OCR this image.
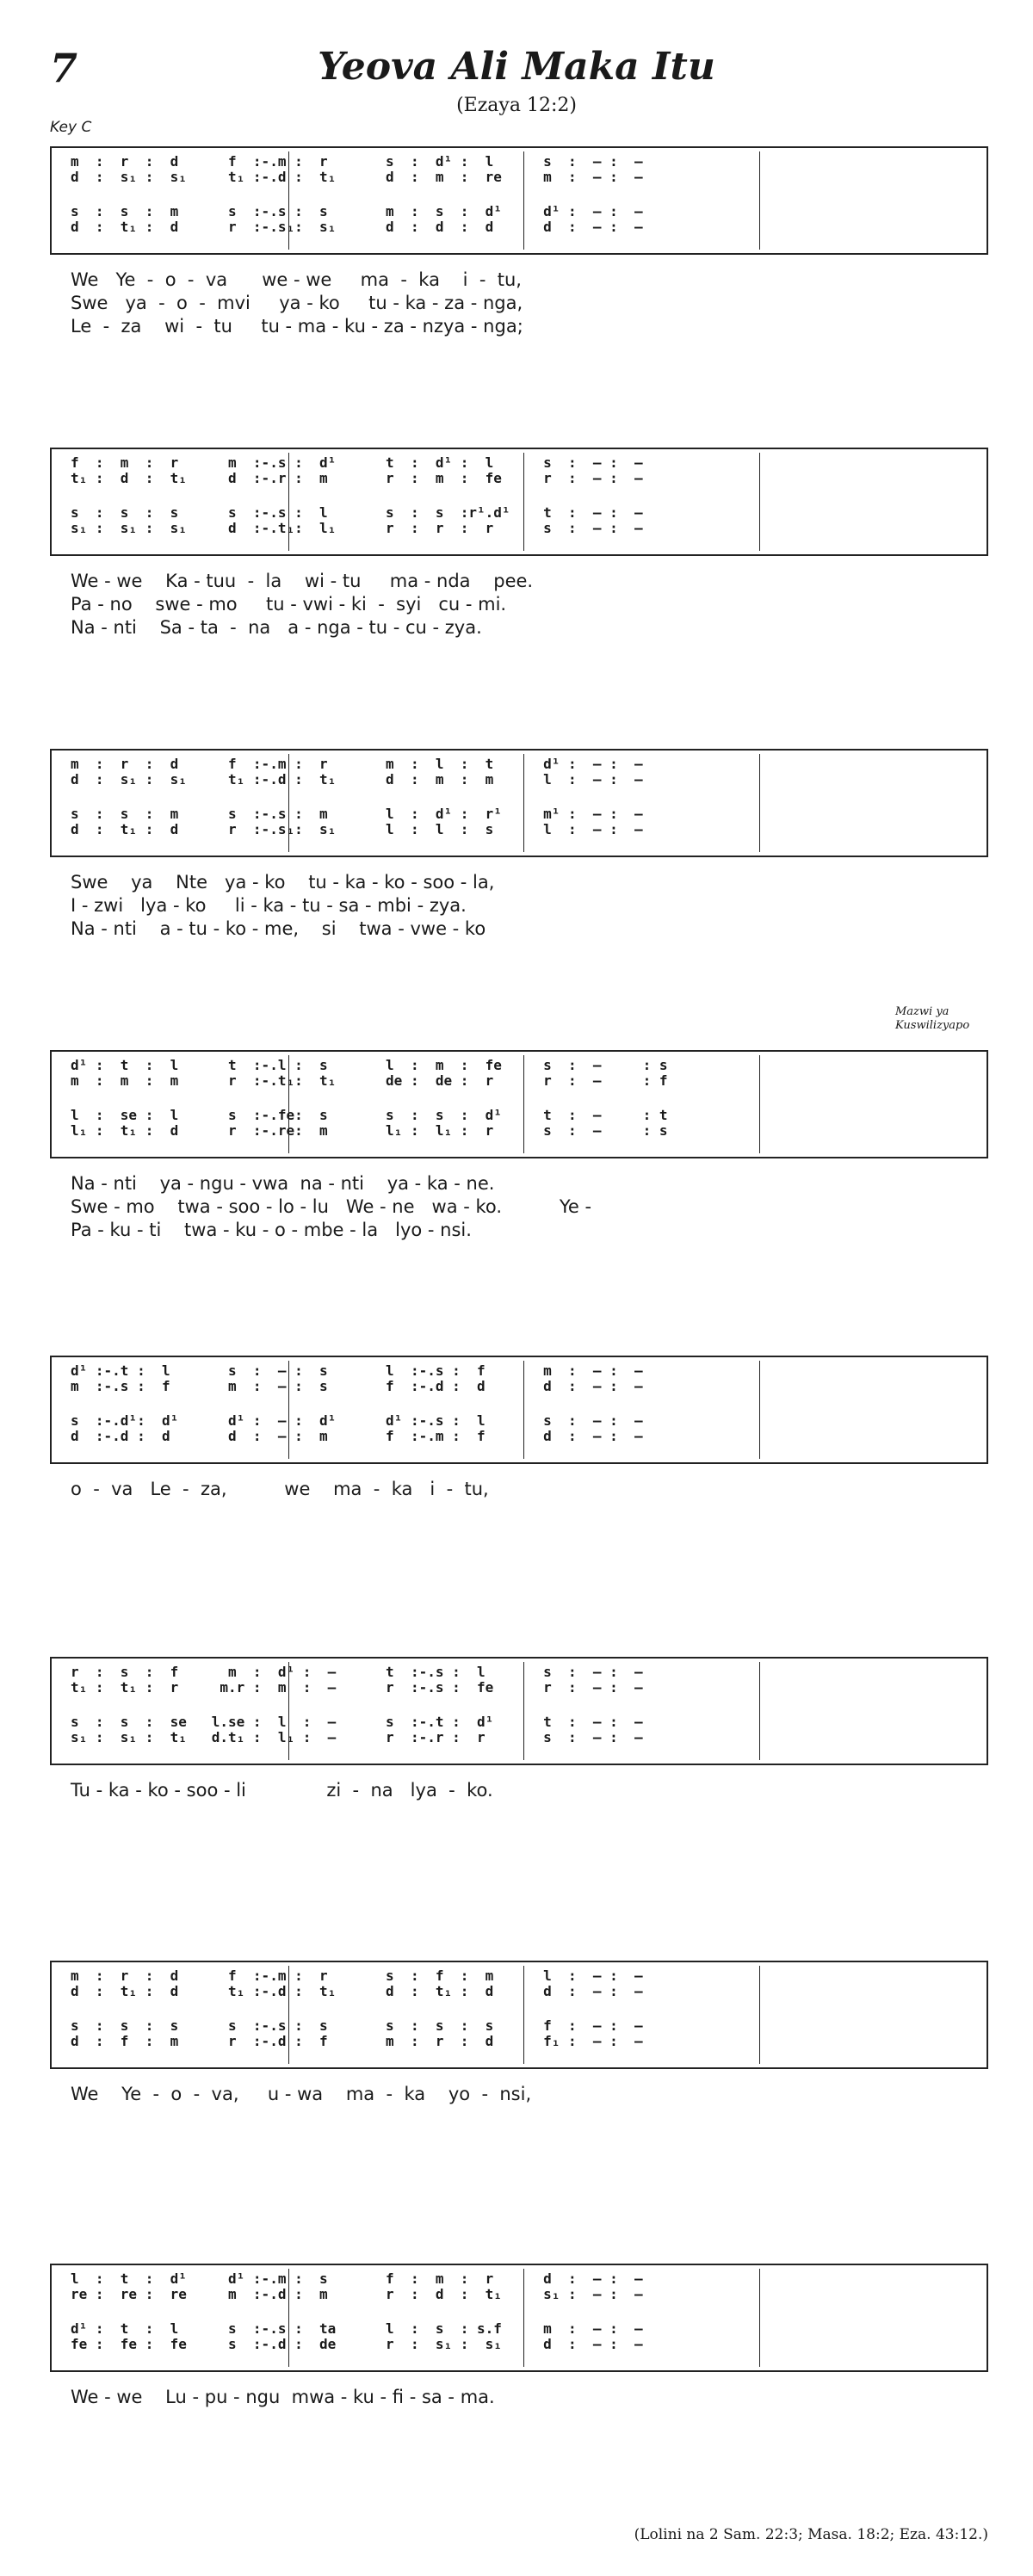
7	Yeova Ali Maka Itu
(Ezaya 12:2)
Key C
Mazwi ya Kuswilizyapo
m  :  r  :  d      f  :-.m :  r       s  :  d¹ :  l      s  :  — :  —
d  :  s₁ :  s₁     t₁ :-.d :  t₁      d  :  m  :  re     m  :  — :  —
s  :  s  :  m      s  :-.s :  s       m  :  s  :  d¹     d¹ :  — :  —
d  :  t₁ :  d      r  :-.s₁:  s₁      d  :  d  :  d      d  :  — :  —
We   Ye  -  o  -  va      we - we     ma  -  ka    i  -  tu,
Swe   ya  -  o  -  mvi     ya - ko     tu - ka - za - nga,
Le  -  za    wi  -  tu     tu - ma - ku - za - nzya - nga;
f  :  m  :  r      m  :-.s :  d¹      t  :  d¹ :  l      s  :  — :  —
t₁ :  d  :  t₁     d  :-.r :  m       r  :  m  :  fe     r  :  — :  —
s  :  s  :  s      s  :-.s :  l       s  :  s  :r¹.d¹    t  :  — :  —
s₁ :  s₁ :  s₁     d  :-.t₁:  l₁      r  :  r  :  r      s  :  — :  —
We - we    Ka - tuu  -  la    wi - tu     ma - nda    pee.
Pa - no    swe - mo     tu - vwi - ki  -  syi   cu - mi.
Na - nti    Sa - ta  -  na   a - nga - tu - cu - zya.
m  :  r  :  d      f  :-.m :  r       m  :  l  :  t      d¹ :  — :  —
d  :  s₁ :  s₁     t₁ :-.d :  t₁      d  :  m  :  m      l  :  — :  —
s  :  s  :  m      s  :-.s :  m       l  :  d¹ :  r¹     m¹ :  — :  —
d  :  t₁ :  d      r  :-.s₁:  s₁      l  :  l  :  s      l  :  — :  —
Swe    ya    Nte   ya - ko    tu - ka - ko - soo - la,
I - zwi   lya - ko     li - ka - tu - sa - mbi - zya.
Na - nti    a - tu - ko - me,    si    twa - vwe - ko
d¹ :  t  :  l      t  :-.l :  s       l  :  m  :  fe     s  :  —     : s
m  :  m  :  m      r  :-.t₁:  t₁      de :  de :  r      r  :  —     : f
l  :  se :  l      s  :-.fe:  s       s  :  s  :  d¹     t  :  —     : t
l₁ :  t₁ :  d      r  :-.re:  m       l₁ :  l₁ :  r      s  :  —     : s
Na - nti    ya - ngu - vwa  na - nti    ya - ka - ne.
Swe - mo    twa - soo - lo - lu   We - ne   wa - ko.          Ye -
Pa - ku - ti    twa - ku - o - mbe - la   lyo - nsi.
d¹ :-.t :  l       s  :  — :  s       l  :-.s :  f       m  :  — :  —
m  :-.s :  f       m  :  — :  s       f  :-.d :  d       d  :  — :  —
s  :-.d¹:  d¹      d¹ :  — :  d¹      d¹ :-.s :  l       s  :  — :  —
d  :-.d :  d       d  :  — :  m       f  :-.m :  f       d  :  — :  —
o  -  va   Le  -  za,          we    ma  -  ka   i  -  tu,
r  :  s  :  f      m  :  d¹ :  —      t  :-.s :  l       s  :  — :  —
t₁ :  t₁ :  r     m.r :  m  :  —      r  :-.s :  fe      r  :  — :  —
s  :  s  :  se   l.se :  l  :  —      s  :-.t :  d¹      t  :  — :  —
s₁ :  s₁ :  t₁   d.t₁ :  l₁ :  —      r  :-.r :  r       s  :  — :  —
Tu - ka - ko - soo - li              zi  -  na   lya  -  ko.
m  :  r  :  d      f  :-.m :  r       s  :  f  :  m      l  :  — :  —
d  :  t₁ :  d      t₁ :-.d :  t₁      d  :  t₁ :  d      d  :  — :  —
s  :  s  :  s      s  :-.s :  s       s  :  s  :  s      f  :  — :  —
d  :  f  :  m      r  :-.d :  f       m  :  r  :  d      f₁ :  — :  —
We    Ye  -  o  -  va,     u - wa    ma  -  ka    yo  -  nsi,
l  :  t  :  d¹     d¹ :-.m :  s       f  :  m  :  r      d  :  — :  —
re :  re :  re     m  :-.d :  m       r  :  d  :  t₁     s₁ :  — :  —
d¹ :  t  :  l      s  :-.s :  ta      l  :  s  : s.f     m  :  — :  —
fe :  fe :  fe     s  :-.d :  de      r  :  s₁ :  s₁     d  :  — :  —
We - we    Lu - pu - ngu  mwa - ku - fi - sa - ma.
(Lolini na 2 Sam. 22:3; Masa. 18:2; Eza. 43:12.)
